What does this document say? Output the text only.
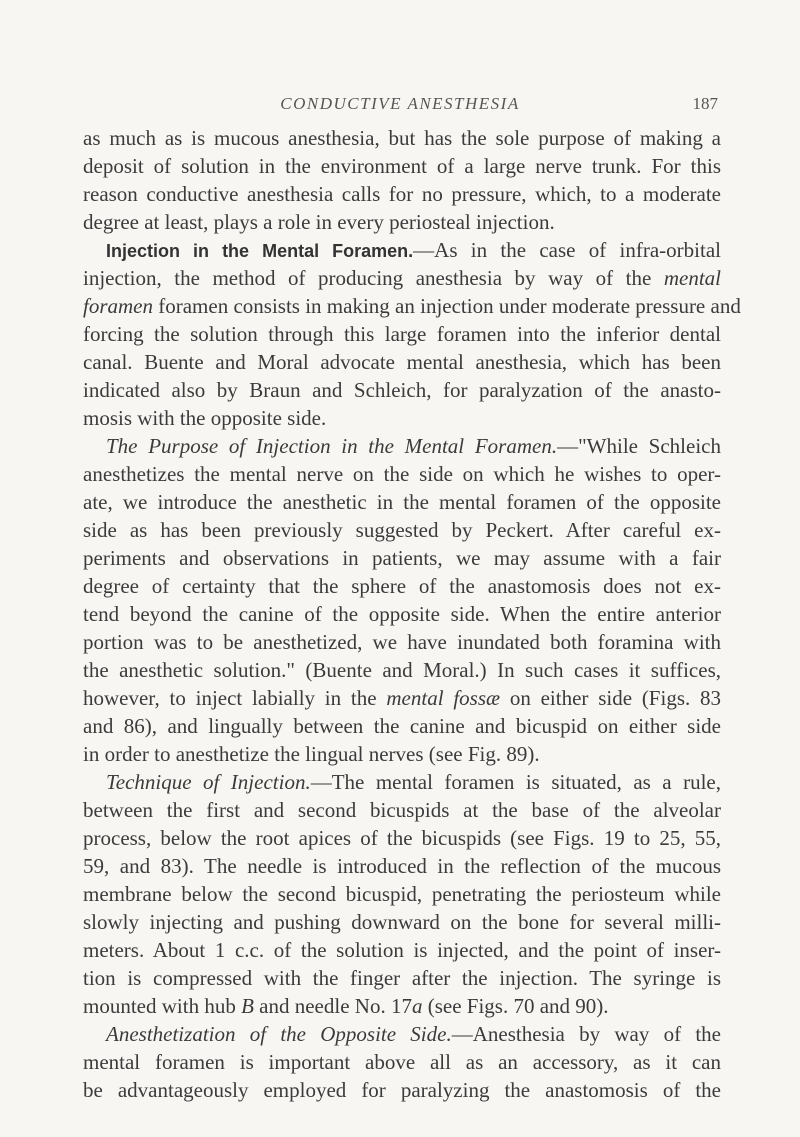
CONDUCTIVE ANESTHESIA	187
as much as is mucous anesthesia, but has the sole purpose of making a
deposit of solution in the environment of a large nerve trunk. For this
reason conductive anesthesia calls for no pressure, which, to a moderate
degree at least, plays a role in every periosteal injection.
Injection in the Mental Foramen.—As in the case of infra-orbital
injection, the method of producing anesthesia by way of the mental
foramen foramen consists in making an injection under moderate pressure and
forcing the solution through this large foramen into the inferior dental
canal. Buente and Moral advocate mental anesthesia, which has been
indicated also by Braun and Schleich, for paralyzation of the anasto-
mosis with the opposite side.
The Purpose of Injection in the Mental Foramen.—"While Schleich
anesthetizes the mental nerve on the side on which he wishes to oper-
ate, we introduce the anesthetic in the mental foramen of the opposite
side as has been previously suggested by Peckert. After careful ex-
periments and observations in patients, we may assume with a fair
degree of certainty that the sphere of the anastomosis does not ex-
tend beyond the canine of the opposite side. When the entire anterior
portion was to be anesthetized, we have inundated both foramina with
the anesthetic solution." (Buente and Moral.) In such cases it suffices,
however, to inject labially in the mental fossæ on either side (Figs. 83
and 86), and lingually between the canine and bicuspid on either side
in order to anesthetize the lingual nerves (see Fig. 89).
Technique of Injection.—The mental foramen is situated, as a rule,
between the first and second bicuspids at the base of the alveolar
process, below the root apices of the bicuspids (see Figs. 19 to 25, 55,
59, and 83). The needle is introduced in the reflection of the mucous
membrane below the second bicuspid, penetrating the periosteum while
slowly injecting and pushing downward on the bone for several milli-
meters. About 1 c.c. of the solution is injected, and the point of inser-
tion is compressed with the finger after the injection. The syringe is
mounted with hub B and needle No. 17a (see Figs. 70 and 90).
Anesthetization of the Opposite Side.—Anesthesia by way of the
mental foramen is important above all as an accessory, as it can
be advantageously employed for paralyzing the anastomosis of the
